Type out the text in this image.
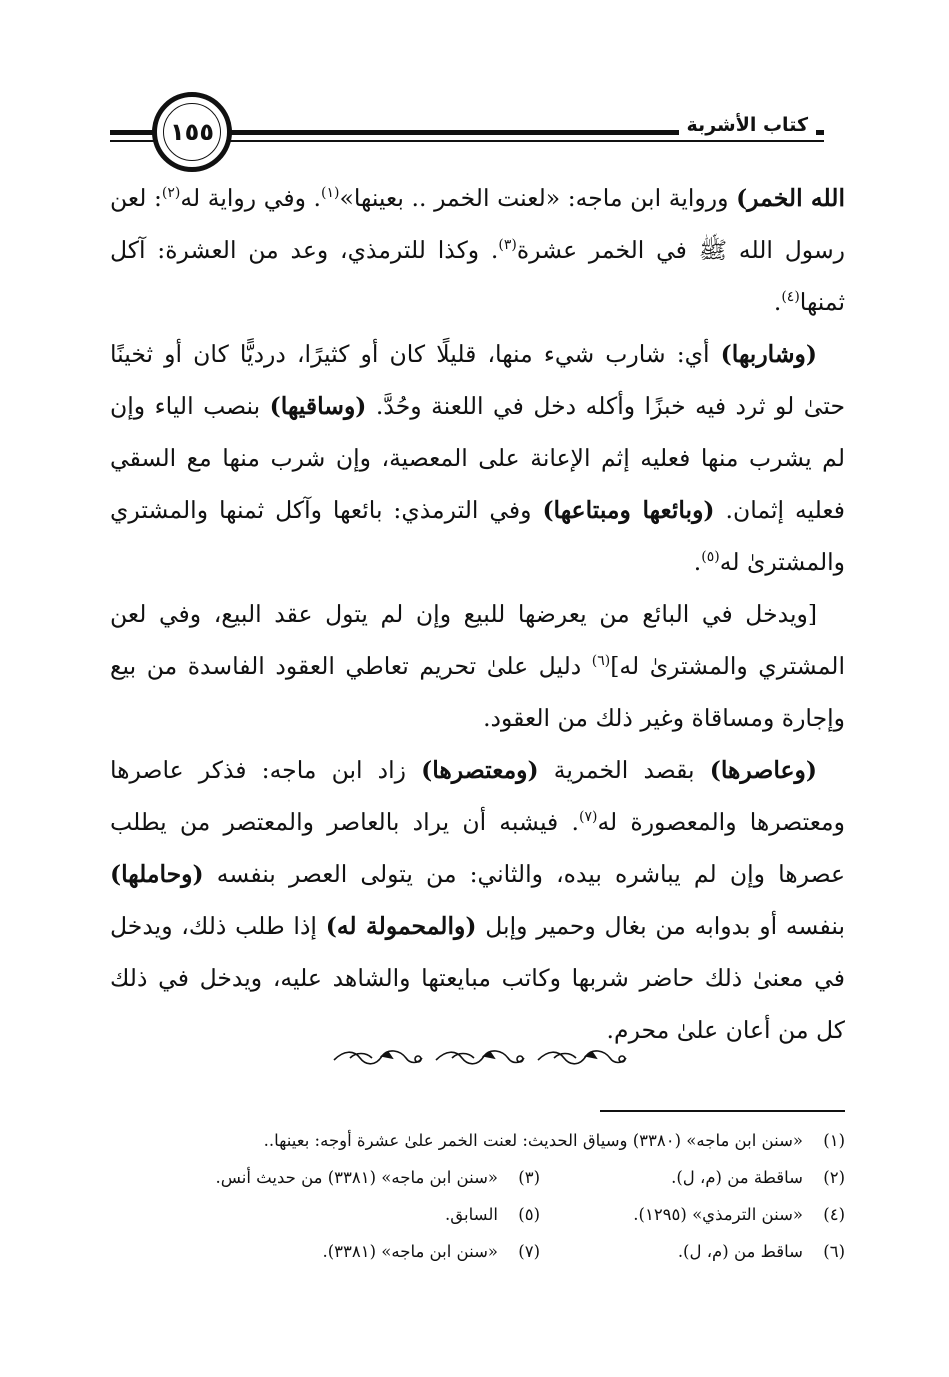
كتاب الأشربة
١٥٥

الله الخمر) ورواية ابن ماجه: «لعنت الخمر .. بعينها»$^{(١)}$. وفي رواية له$^{(٢)}$: لعن رسول الله ﷺ في الخمر عشرة$^{(٣)}$. وكذا للترمذي، وعد من العشرة: آكل ثمنها$^{(٤)}$.

(وشاربها) أي: شارب شيء منها، قليلًا كان أو كثيرًا، درديًّا كان أو ثخينًا حتىٰ لو ثرد فيه خبزًا وأكله دخل في اللعنة وحُدَّ. (وساقيها) بنصب الياء وإن لم يشرب منها فعليه إثم الإعانة على المعصية، وإن شرب منها مع السقي فعليه إثمان. (وبائعها ومبتاعها) وفي الترمذي: بائعها وآكل ثمنها والمشتري والمشترىٰ له$^{(٥)}$.

[ويدخل في البائع من يعرضها للبيع وإن لم يتول عقد البيع، وفي لعن المشتري والمشترىٰ له]$^{(٦)}$ دليل علىٰ تحريم تعاطي العقود الفاسدة من بيع وإجارة ومساقاة وغير ذلك من العقود.

(وعاصرها) بقصد الخمرية (ومعتصرها) زاد ابن ماجه: فذكر عاصرها ومعتصرها والمعصورة له$^{(٧)}$. فيشبه أن يراد بالعاصر والمعتصر من يطلب عصرها وإن لم يباشره بيده، والثاني: من يتولى العصر بنفسه (وحاملها) بنفسه أو بدوابه من بغال وحمير وإبل (والمحمولة له) إذا طلب ذلك، ويدخل في معنىٰ ذلك حاضر شربها وكاتب مبايعتها والشاهد عليه، ويدخل في ذلك كل من أعان علىٰ محرم.

(١)
«سنن ابن ماجه» (٣٣٨٠) وسياق الحديث: لعنت الخمر علىٰ عشرة أوجه: بعينها..
(٢)
ساقطة من (م، ل).
(٣)
«سنن ابن ماجه» (٣٣٨١) من حديث أنس.
(٤)
«سنن الترمذي» (١٢٩٥).
(٥)
السابق.
(٦)
ساقط من (م، ل).
(٧)
«سنن ابن ماجه» (٣٣٨١).
